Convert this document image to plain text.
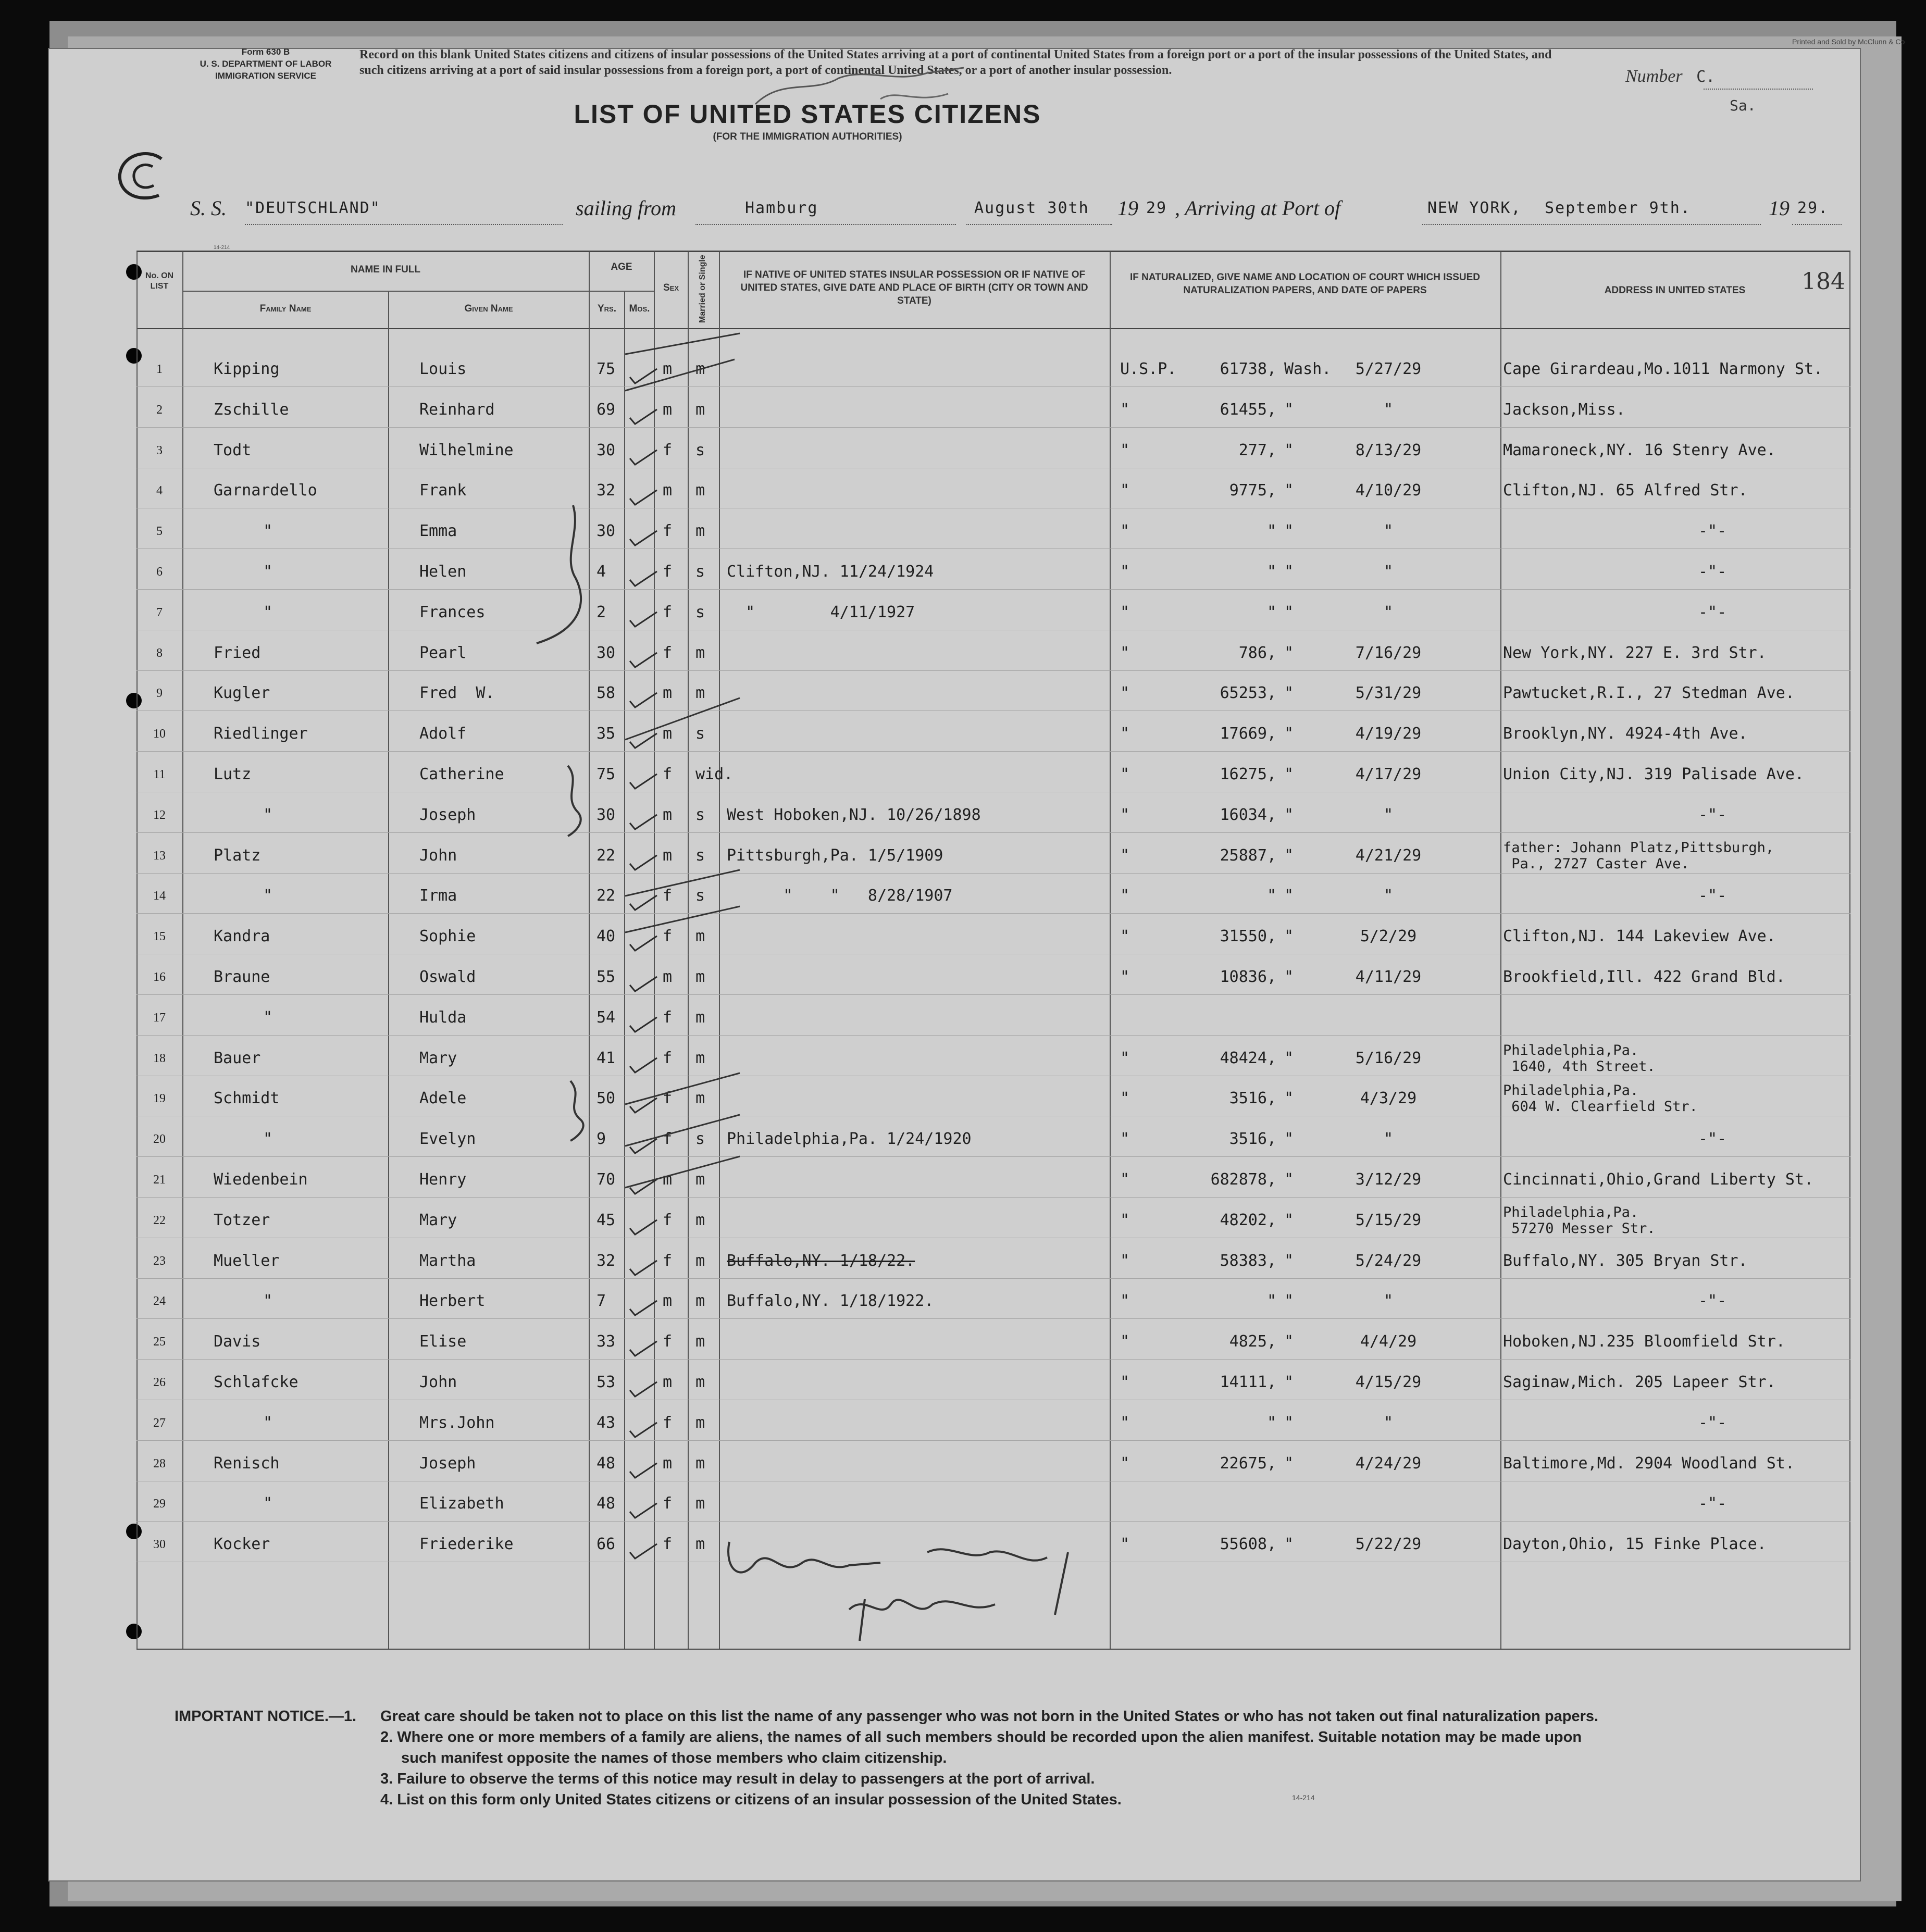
Printed and Sold by McClunn & Co
Form 630 B
U. S. DEPARTMENT OF LABOR
IMMIGRATION SERVICE
Record on this blank United States citizens and citizens of insular possessions of the United States arriving at a port of continental United States from a foreign port or a port of the insular possessions of the United States, and such citizens arriving at a port of said insular possessions from a foreign port, a port of continental United States, or a port of another insular possession.	Number C.
Sa.
LIST OF UNITED STATES CITIZENS
(FOR THE IMMIGRATION AUTHORITIES)
S. S. "DEUTSCHLAND"	sailing from	Hamburg	August 30th 19 29 , Arriving at Port of	NEW YORK, September 9th.	19 29.
14-214
No. ON LIST
NAME IN FULL
Family Name	Given Name
AGE
Yrs.	Mos.
Sex	Married or Single	IF NATIVE OF UNITED STATES INSULAR POSSESSION OR IF NATIVE OF UNITED STATES, GIVE DATE AND PLACE OF BIRTH (CITY OR TOWN AND STATE)
IF NATURALIZED, GIVE NAME AND LOCATION OF COURT WHICH ISSUED NATURALIZATION PAPERS, AND DATE OF PAPERS	ADDRESS IN UNITED STATES	184
1	Kipping	Louis	75	m m	U.S.P.	61738, Wash.	5/27/29	Cape Girardeau,Mo.1011 Narmony St.
2	Zschille	Reinhard	69	m m	"	61455, "	"	Jackson,Miss.
3	Todt	Wilhelmine	30	f s	"	277, "	8/13/29	Mamaroneck,NY. 16 Stenry Ave.
4	Garnardello	Frank	32	m m	"	9775, "	4/10/29	Clifton,NJ. 65 Alfred Str.
5	"	Emma	30	f m	"	" "	"	-"-
6	"	Helen	4	f s Clifton,NJ. 11/24/1924	"	" "	"	-"-
7	"	Frances	2	f s "        4/11/1927	"	" "	"	-"-
8	Fried	Pearl	30	f m	"	786, "	7/16/29	New York,NY. 227 E. 3rd Str.
9	Kugler	Fred  W.	58	m m	"	65253, "	5/31/29	Pawtucket,R.I., 27 Stedman Ave.
10	Riedlinger	Adolf	35	m s	"	17669, "	4/19/29	Brooklyn,NY. 4924-4th Ave.
11	Lutz	Catherine	75	f wid.	"	16275, "	4/17/29	Union City,NJ. 319 Palisade Ave.
12	"	Joseph	30	m s West Hoboken,NJ. 10/26/1898	"	16034, "	"	-"-
13	Platz	John	22	m s Pittsburgh,Pa. 1/5/1909	"	25887, "	4/21/29	father: Johann Platz,Pittsburgh,
Pa., 2727 Caster Ave.
14	"	Irma	22	f s "    "   8/28/1907	"	" "	"	-"-
15	Kandra	Sophie	40	f m	"	31550, "	5/2/29	Clifton,NJ. 144 Lakeview Ave.
16	Braune	Oswald	55	m m	"	10836, "	4/11/29	Brookfield,Ill. 422 Grand Bld.
17	"	Hulda	54	f m
18	Bauer	Mary	41	f m	"	48424, "	5/16/29	Philadelphia,Pa.
1640, 4th Street.
19	Schmidt	Adele	50	f m	"	3516, "	4/3/29	Philadelphia,Pa.
604 W. Clearfield Str.
20	"	Evelyn	9	f s Philadelphia,Pa. 1/24/1920	"	3516, "	"	-"-
21	Wiedenbein	Henry	70	m m	"	682878, "	3/12/29	Cincinnati,Ohio,Grand Liberty St.
22	Totzer	Mary	45	f m	"	48202, "	5/15/29	Philadelphia,Pa.
57270 Messer Str.
23	Mueller	Martha	32	f m Buffalo,NY. 1/18/22.	"	58383, "	5/24/29	Buffalo,NY. 305 Bryan Str.
24	"	Herbert	7	m m Buffalo,NY. 1/18/1922.	"	" "	"	-"-
25	Davis	Elise	33	f m	"	4825, "	4/4/29	Hoboken,NJ.235 Bloomfield Str.
26	Schlafcke	John	53	m m	"	14111, "	4/15/29	Saginaw,Mich. 205 Lapeer Str.
27	"	Mrs.John	43	f m	"	" "	"	-"-
28	Renisch	Joseph	48	m m	"	22675, "	4/24/29	Baltimore,Md. 2904 Woodland St.
29	"	Elizabeth	48	f m	-"-
30	Kocker	Friederike	66	f m	"	55608, "	5/22/29	Dayton,Ohio, 15 Finke Place.
IMPORTANT NOTICE.—1. Great care should be taken not to place on this list the name of any passenger who was not born in the United States or who has not taken out final naturalization papers.
2. Where one or more members of a family are aliens, the names of all such members should be recorded upon the alien manifest. Suitable notation may be made upon
such manifest opposite the names of those members who claim citizenship.
3. Failure to observe the terms of this notice may result in delay to passengers at the port of arrival.
4. List on this form only United States citizens or citizens of an insular possession of the United States.	14-214
